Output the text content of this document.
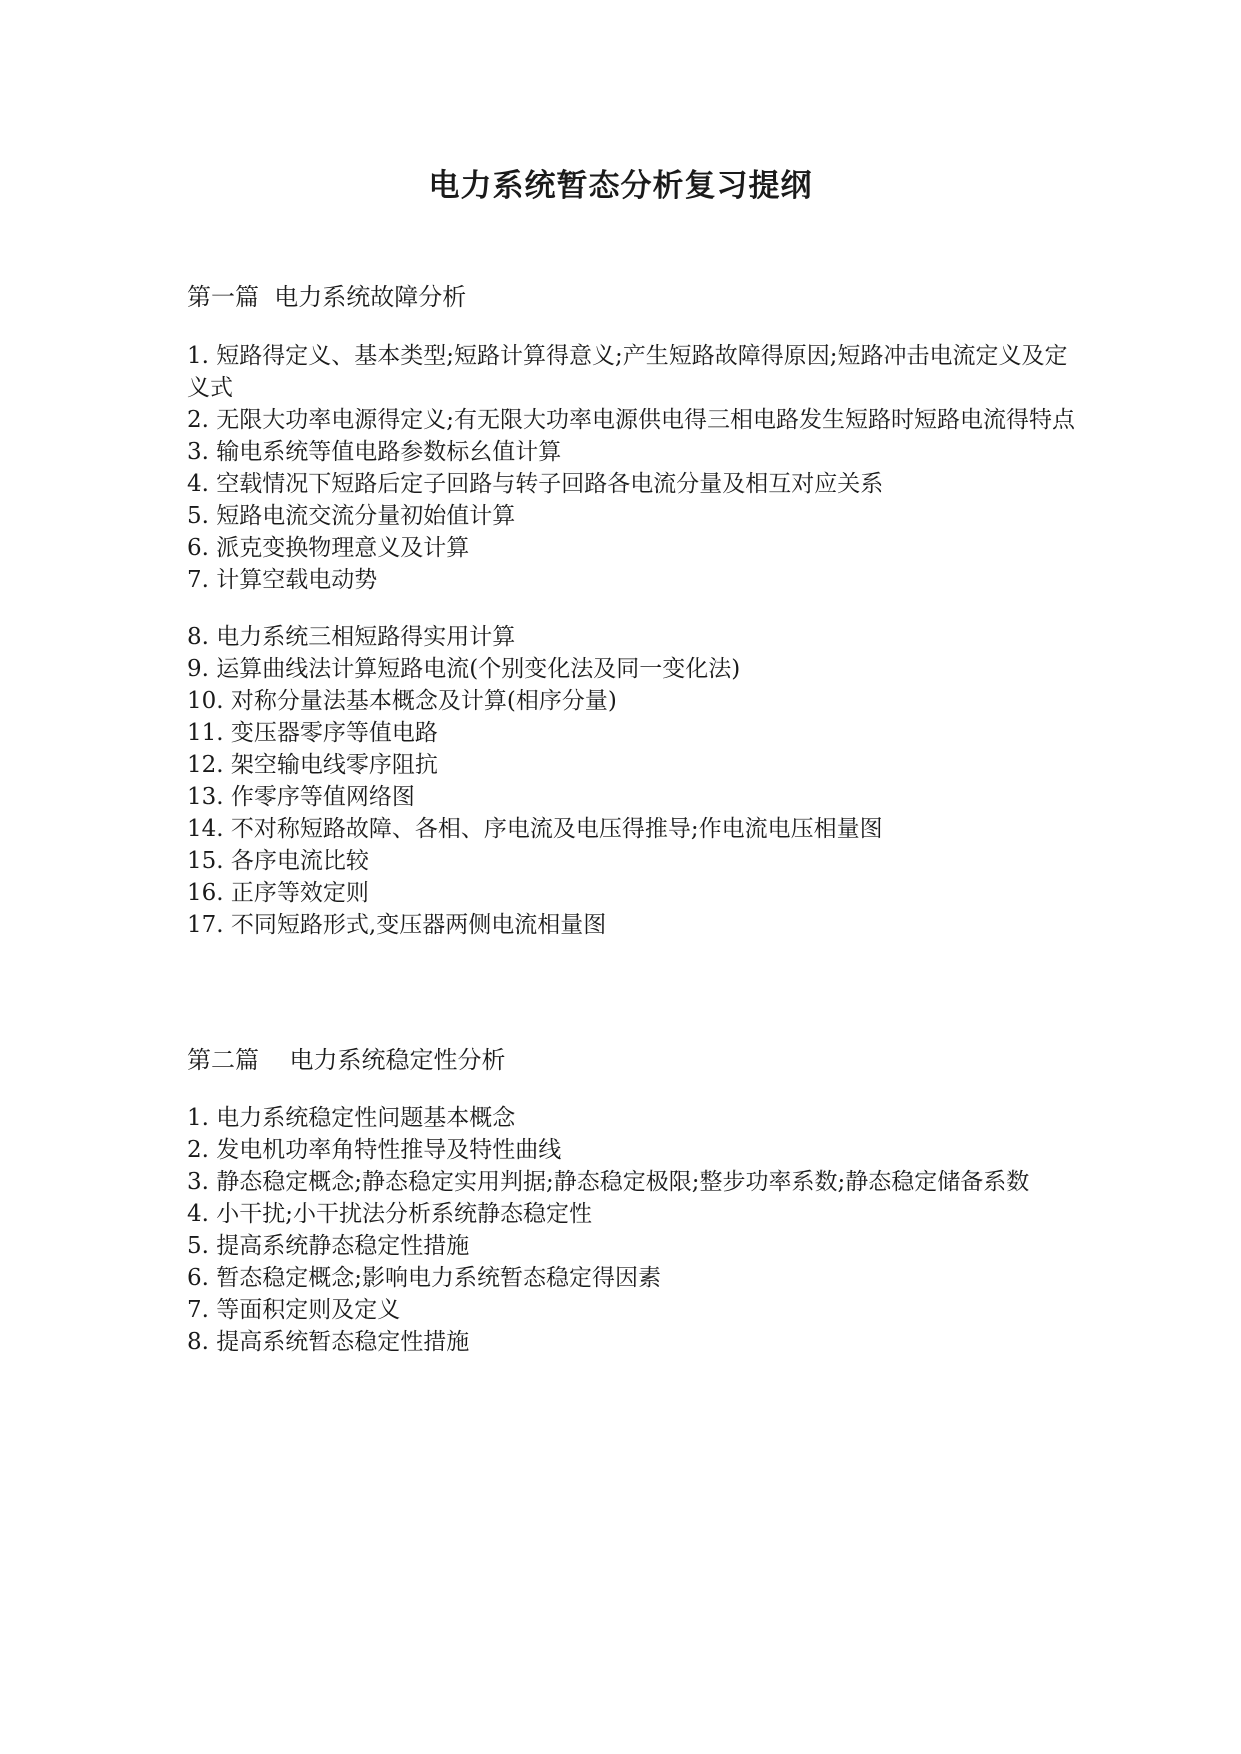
电力系统暂态分析复习提纲
第一篇  电力系统故障分析
1. 短路得定义、基本类型;短路计算得意义;产生短路故障得原因;短路冲击电流定义及定义式
2. 无限大功率电源得定义;有无限大功率电源供电得三相电路发生短路时短路电流得特点
3. 输电系统等值电路参数标幺值计算
4. 空载情况下短路后定子回路与转子回路各电流分量及相互对应关系
5. 短路电流交流分量初始值计算
6. 派克变换物理意义及计算
7. 计算空载电动势
8. 电力系统三相短路得实用计算
9. 运算曲线法计算短路电流(个别变化法及同一变化法)
10. 对称分量法基本概念及计算(相序分量)
11. 变压器零序等值电路
12. 架空输电线零序阻抗
13. 作零序等值网络图
14. 不对称短路故障、各相、序电流及电压得推导;作电流电压相量图
15. 各序电流比较
16. 正序等效定则
17. 不同短路形式,变压器两侧电流相量图
第二篇    电力系统稳定性分析
1. 电力系统稳定性问题基本概念
2. 发电机功率角特性推导及特性曲线
3. 静态稳定概念;静态稳定实用判据;静态稳定极限;整步功率系数;静态稳定储备系数
4. 小干扰;小干扰法分析系统静态稳定性
5. 提高系统静态稳定性措施
6. 暂态稳定概念;影响电力系统暂态稳定得因素
7. 等面积定则及定义
8. 提高系统暂态稳定性措施
